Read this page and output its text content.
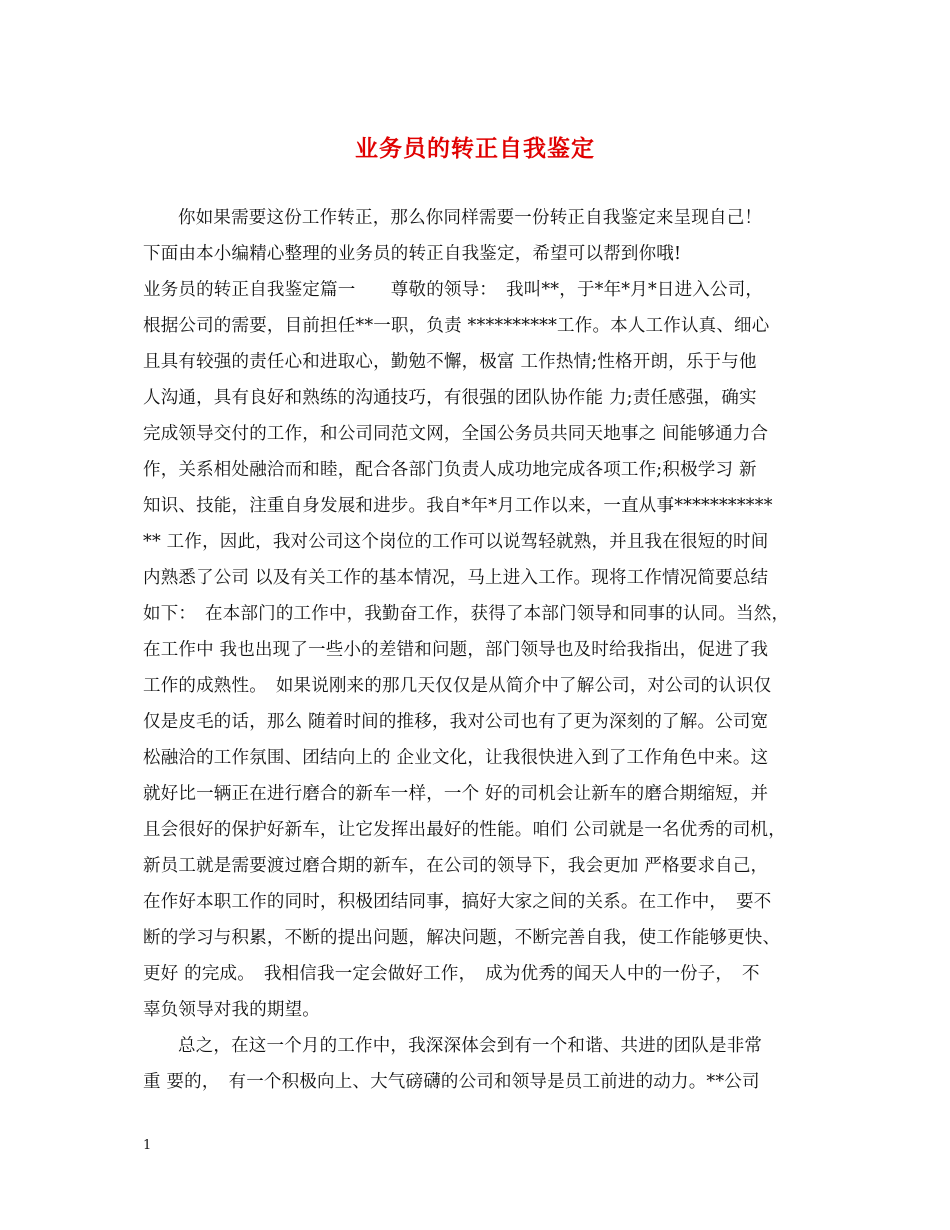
业务员的转正自我鉴定
你如果需要这份工作转正，那么你同样需要一份转正自我鉴定来呈现自己！
下面由本小编精心整理的业务员的转正自我鉴定，希望可以帮到你哦!
业务员的转正自我鉴定篇一　　尊敬的领导：　我叫**，于*年*月*日进入公司，
根据公司的需要，目前担任**一职，负责 **********工作。本人工作认真、细心
且具有较强的责任心和进取心，勤勉不懈，极富 工作热情;性格开朗，乐于与他
人沟通，具有良好和熟练的沟通技巧，有很强的团队协作能 力;责任感强，确实
完成领导交付的工作，和公司同范文网，全国公务员共同天地事之 间能够通力合
作，关系相处融洽而和睦，配合各部门负责人成功地完成各项工作;积极学习 新
知识、技能，注重自身发展和进步。我自*年*月工作以来，一直从事***********
** 工作，因此，我对公司这个岗位的工作可以说驾轻就熟，并且我在很短的时间
内熟悉了公司 以及有关工作的基本情况，马上进入工作。现将工作情况简要总结
如下：　在本部门的工作中，我勤奋工作，获得了本部门领导和同事的认同。当然，
在工作中 我也出现了一些小的差错和问题，部门领导也及时给我指出，促进了我
工作的成熟性。　如果说刚来的那几天仅仅是从简介中了解公司，对公司的认识仅
仅是皮毛的话，那么 随着时间的推移，我对公司也有了更为深刻的了解。公司宽
松融洽的工作氛围、团结向上的 企业文化，让我很快进入到了工作角色中来。这
就好比一辆正在进行磨合的新车一样，一个 好的司机会让新车的磨合期缩短，并
且会很好的保护好新车，让它发挥出最好的性能。咱们 公司就是一名优秀的司机，
新员工就是需要渡过磨合期的新车，在公司的领导下，我会更加 严格要求自己，
在作好本职工作的同时，积极团结同事，搞好大家之间的关系。在工作中，　要不
断的学习与积累，不断的提出问题，解决问题，不断完善自我，使工作能够更快、
更好 的完成。　我相信我一定会做好工作，　成为优秀的闻天人中的一份子，　不
辜负领导对我的期望。
总之，在这一个月的工作中，我深深体会到有一个和谐、共进的团队是非常
重 要的，　有一个积极向上、大气磅礴的公司和领导是员工前进的动力。**公司
1
